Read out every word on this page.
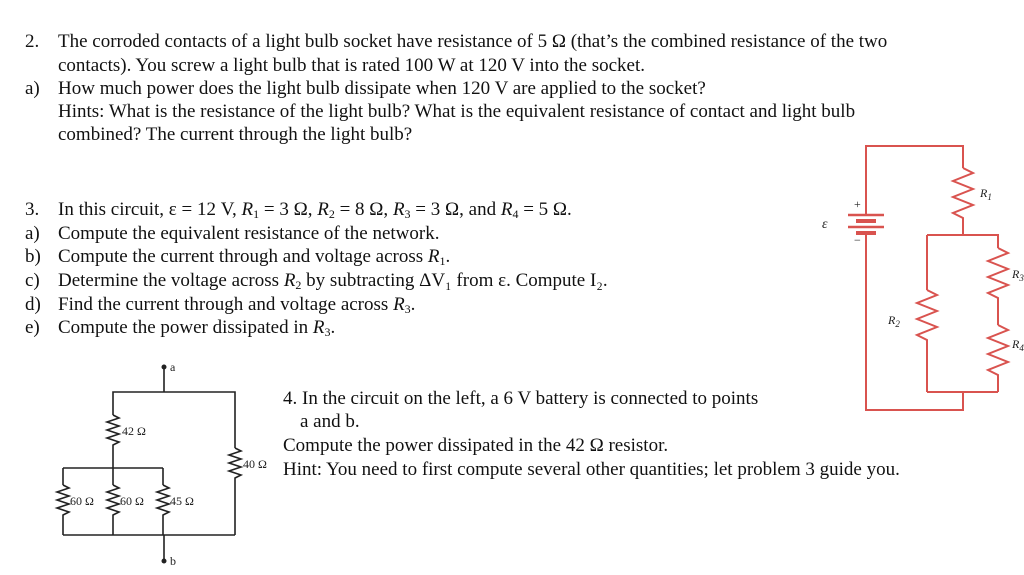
2. The corroded contacts of a light bulb socket have resistance of 5 Ω (that’s the combined resistance of the two
contacts). You screw a light bulb that is rated 100 W at 120 V into the socket.
a) How much power does the light bulb dissipate when 120 V are applied to the socket?
Hints: What is the resistance of the light bulb? What is the equivalent resistance of contact and light bulb
combined? The current through the light bulb?
3. In this circuit, ε = 12 V, $R_1 = 3$ Ω, $R_2 = 8$ Ω, $R_3 = 3$ Ω, and $R_4 = 5$ Ω.
a) Compute the equivalent resistance of the network.
b) Compute the current through and voltage across $R_1$.
c) Determine the voltage across $R_2$ by subtracting ΔV₁ from ε. Compute I₂.
d) Find the current through and voltage across $R_3$.
e) Compute the power dissipated in $R_3$.
+
−
ε
$R_1$
$R_2$
$R_3$
$R_4$
a
b
42 Ω
40 Ω
60 Ω 60 Ω 45 Ω
4. In the circuit on the left, a 6 V battery is connected to points
a and b.
Compute the power dissipated in the 42 Ω resistor.
Hint: You need to first compute several other quantities; let problem 3 guide you.
